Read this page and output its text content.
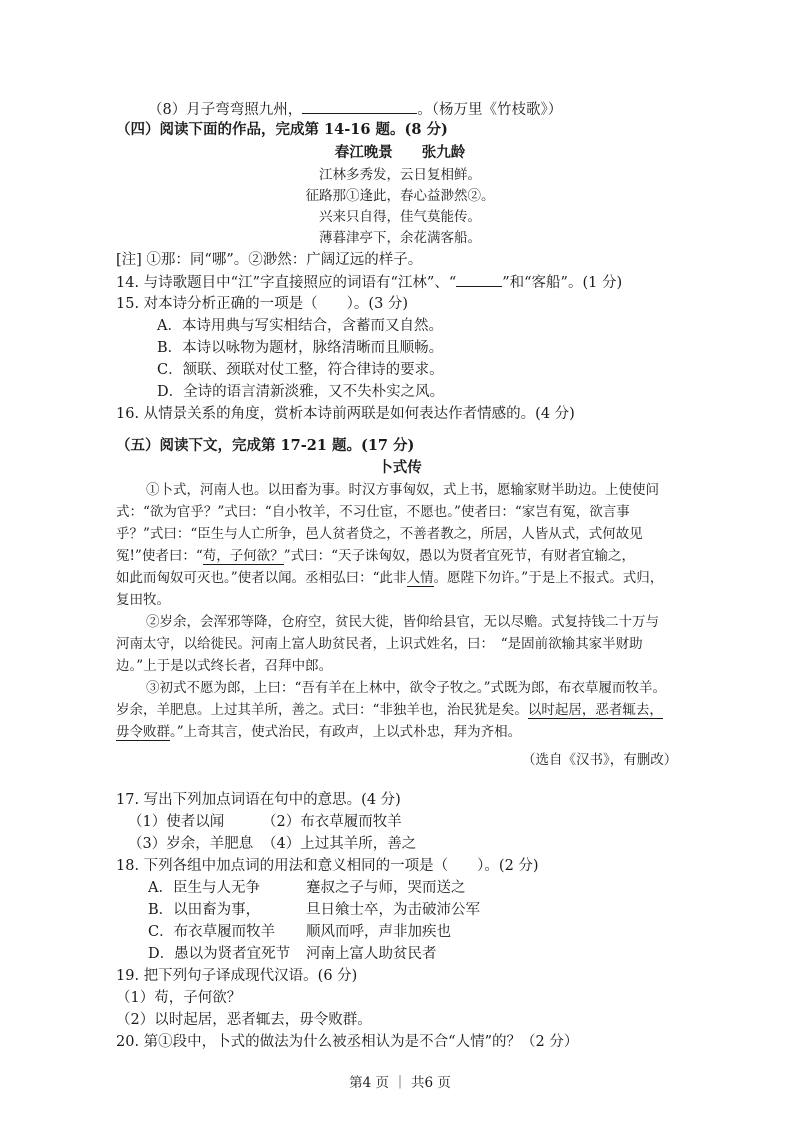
（8）月子弯弯照九州，	。（杨万里《竹枝歌》）
（四）阅读下面的作品，完成第 14-16 题。(8 分)
春江晚景　　 张九龄
江林多秀发，云日复相鲜。
征路那①逢此，春心益渺然②。
兴来只自得，佳气莫能传。
薄暮津亭下，余花满客船。
[注] ①那：同“哪”。②渺然：广阔辽远的样子。
14. 与诗歌题目中“江”字直接照应的词语有“江林”、“	”和“客船”。(1 分)
15. 对本诗分析正确的一项是（　　）。(3 分)
A．本诗用典与写实相结合，含蓄而又自然。
B．本诗以咏物为题材，脉络清晰而且顺畅。
C．颔联、颈联对仗工整，符合律诗的要求。
D．全诗的语言清新淡雅，又不失朴实之风。
16. 从情景关系的角度，赏析本诗前两联是如何表达作者情感的。(4 分)
（五）阅读下文，完成第 17-21 题。(17 分)
卜式传
①卜式，河南人也。以田畜为事。时汉方事匈奴，式上书，愿输家财半助边。上使使问
式：“欲为官乎？”式曰：“自小牧羊，不习仕宦，不愿也。”使者曰：“家岂有冤，欲言事
乎？”式曰：“臣生与人亡所争，邑人贫者贷之，不善者教之，所居，人皆从式，式何故见
冤!”使者曰：“苟，子何欲？”式曰：“天子诛匈奴，愚以为贤者宜死节，有财者宜输之，
如此而匈奴可灭也。”使者以闻。丞相弘曰：“此非人情。愿陛下勿许。”于是上不报式。式归，
复田牧。
②岁余，会浑邪等降，仓府空，贫民大徙，皆仰给县官，无以尽赡。式复持钱二十万与
河南太守，以给徙民。河南上富人助贫民者，上识式姓名，曰：　“是固前欲输其家半财助
边。”上于是以式终长者，召拜中郎。
③初式不愿为郎，上曰：“吾有羊在上林中，欲令子牧之。”式既为郎，布衣草履而牧羊。
岁余，羊肥息。上过其羊所，善之。式曰：“非独羊也，治民犹是矣。以时起居，恶者辄去，
毋令败群。”上奇其言，使式治民，有政声，上以式朴忠，拜为齐相。
（选自《汉书》，有删改）
17. 写出下列加点词语在句中的意思。(4 分)
（1）使者以闻	（2）布衣草履而牧羊
（3）岁余，羊肥息 （4）上过其羊所，善之
18. 下列各组中加点词的用法和意义相同的一项是（　　）。(2 分)
A．臣生与人无争	蹇叔之子与师，哭而送之
B．以田畜为事，	旦日飨士卒，为击破沛公军
C．布衣草履而牧羊 顺风而呼，声非加疾也
D．愚以为贤者宜死节 河南上富人助贫民者
19. 把下列句子译成现代汉语。(6 分)
（1）苟，子何欲？
（2）以时起居，恶者辄去，毋令败群。
20. 第①段中，卜式的做法为什么被丞相认为是不合“人情”的？（2 分）
第4 页 ｜ 共6 页
